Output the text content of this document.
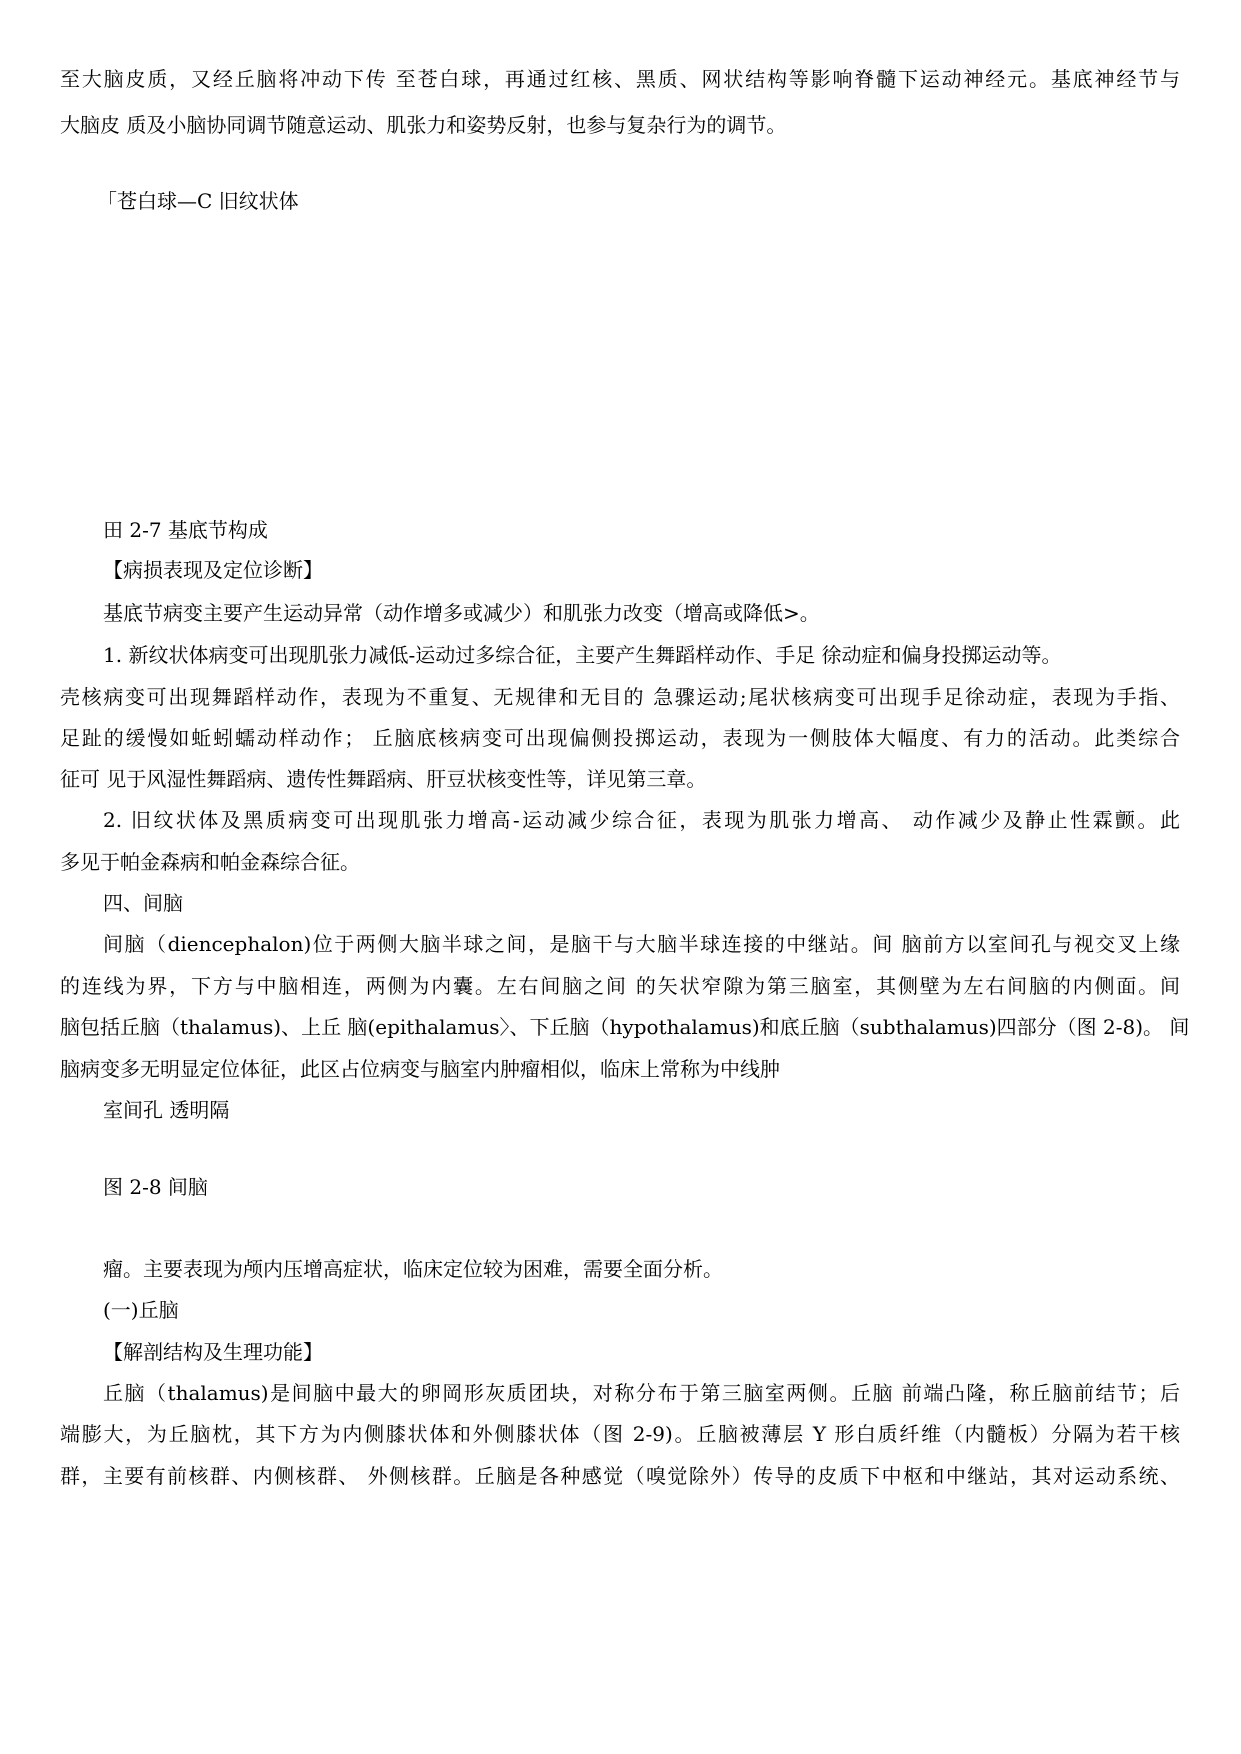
至大脑皮质，又经丘脑将冲动下传 至苍白球，再通过红核、黑质、网状结构等影响脊髓下运动神经元。基底神经节与
大脑皮 质及小脑协同调节随意运动、肌张力和姿势反射，也参与复杂行为的调节。
「苍白球—C 旧纹状体
田 2-7 基底节构成
【病损表现及定位诊断】
基底节病变主要产生运动异常（动作增多或减少）和肌张力改变（增高或降低>。
1. 新纹状体病变可出现肌张力减低-运动过多综合征，主要产生舞蹈样动作、手足 徐动症和偏身投掷运动等。
壳核病变可出现舞蹈样动作，表现为不重复、无规律和无目的 急骤运动;尾状核病变可出现手足徐动症，表现为手指、
足趾的缓慢如蚯蚓蠕动样动作； 丘脑底核病变可出现偏侧投掷运动，表现为一侧肢体大幅度、有力的活动。此类综合
征可 见于风湿性舞蹈病、遗传性舞蹈病、肝豆状核变性等，详见第三章。
2. 旧纹状体及黑质病变可出现肌张力增高-运动减少综合征，表现为肌张力增高、 动作减少及静止性霖颤。此
多见于帕金森病和帕金森综合征。
四、间脑
间脑（diencephalon)位于两侧大脑半球之间，是脑干与大脑半球连接的中继站。间 脑前方以室间孔与视交叉上缘
的连线为界，下方与中脑相连，两侧为内囊。左右间脑之间 的矢状窄隙为第三脑室，其侧壁为左右间脑的内侧面。间
脑包括丘脑（thalamus)、上丘 脑(epithalamus〉、下丘脑（hypothalamus)和底丘脑（subthalamus)四部分（图 2-8)。 间
脑病变多无明显定位体征，此区占位病变与脑室内肿瘤相似，临床上常称为中线肿
室间孔 透明隔
图 2-8 间脑
瘤。主要表现为颅内压增高症状，临床定位较为困难，需要全面分析。
(一)丘脑
【解剖结构及生理功能】
丘脑（thalamus)是间脑中最大的卵岡形灰质团块，对称分布于第三脑室两侧。丘脑 前端凸隆，称丘脑前结节；后
端膨大，为丘脑枕，其下方为内侧膝状体和外侧膝状体（图 2-9)。丘脑被薄层 Y 形白质纤维（内髓板）分隔为若干核
群，主要有前核群、内侧核群、 外侧核群。丘脑是各种感觉（嗅觉除外）传导的皮质下中枢和中继站，其对运动系统、
